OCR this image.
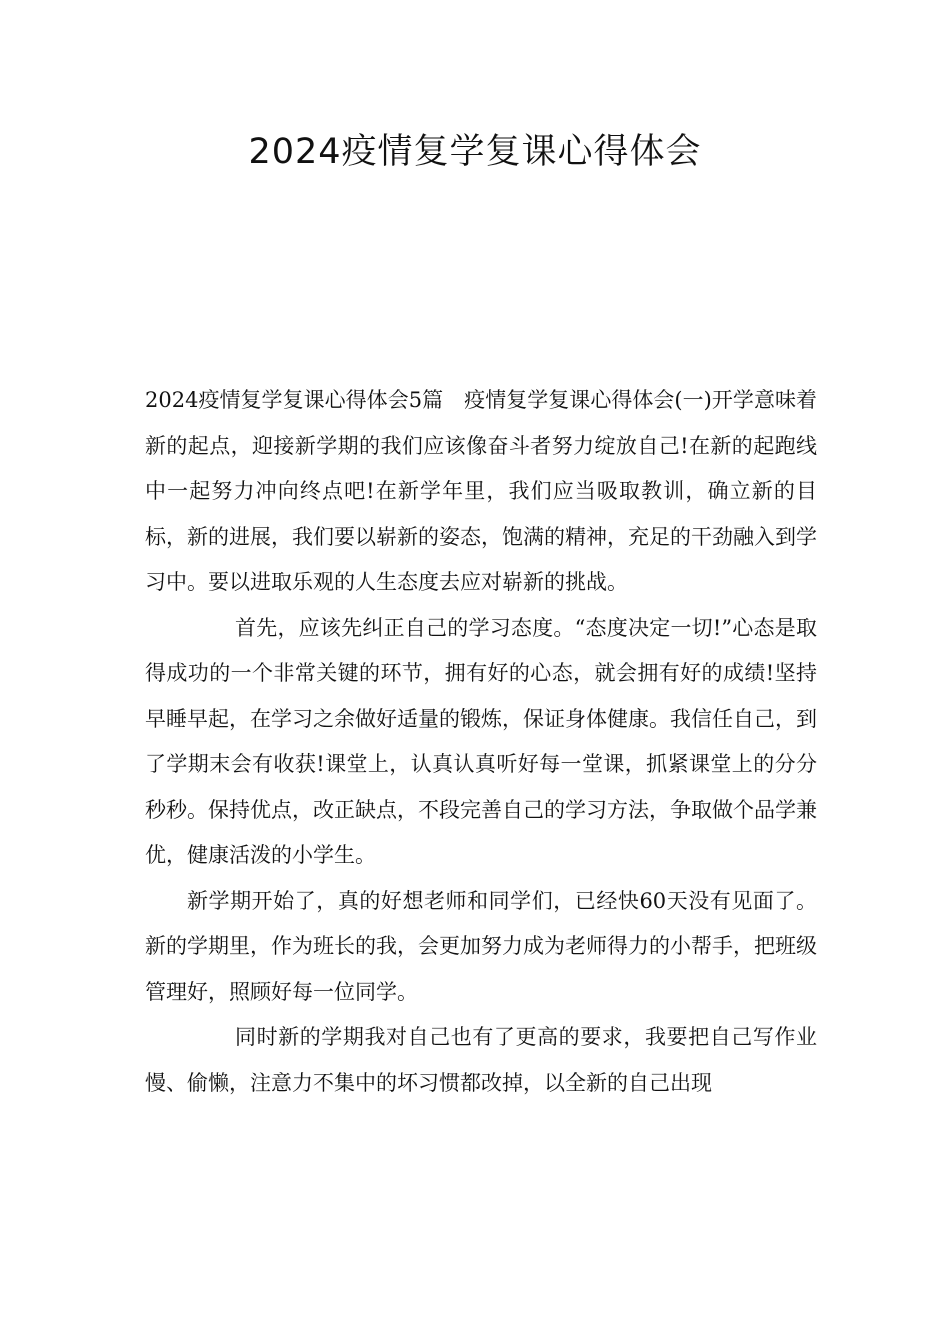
2024疫情复学复课心得体会

2024疫情复学复课心得体会5篇　疫情复学复课心得体会(一)开学意味着新的起点，迎接新学期的我们应该像奋斗者努力绽放自己!在新的起跑线中一起努力冲向终点吧!在新学年里，我们应当吸取教训，确立新的目标，新的进展，我们要以崭新的姿态，饱满的精神，充足的干劲融入到学习中。要以进取乐观的人生态度去应对崭新的挑战。

首先，应该先纠正自己的学习态度。“态度决定一切!”心态是取得成功的一个非常关键的环节，拥有好的心态，就会拥有好的成绩!坚持早睡早起，在学习之余做好适量的锻炼，保证身体健康。我信任自己，到了学期末会有收获!课堂上，认真认真听好每一堂课，抓紧课堂上的分分秒秒。保持优点，改正缺点，不段完善自己的学习方法，争取做个品学兼优，健康活泼的小学生。

新学期开始了，真的好想老师和同学们，已经快60天没有见面了。新的学期里，作为班长的我，会更加努力成为老师得力的小帮手，把班级管理好，照顾好每一位同学。

同时新的学期我对自己也有了更高的要求，我要把自己写作业慢、偷懒，注意力不集中的坏习惯都改掉，以全新的自己出现
